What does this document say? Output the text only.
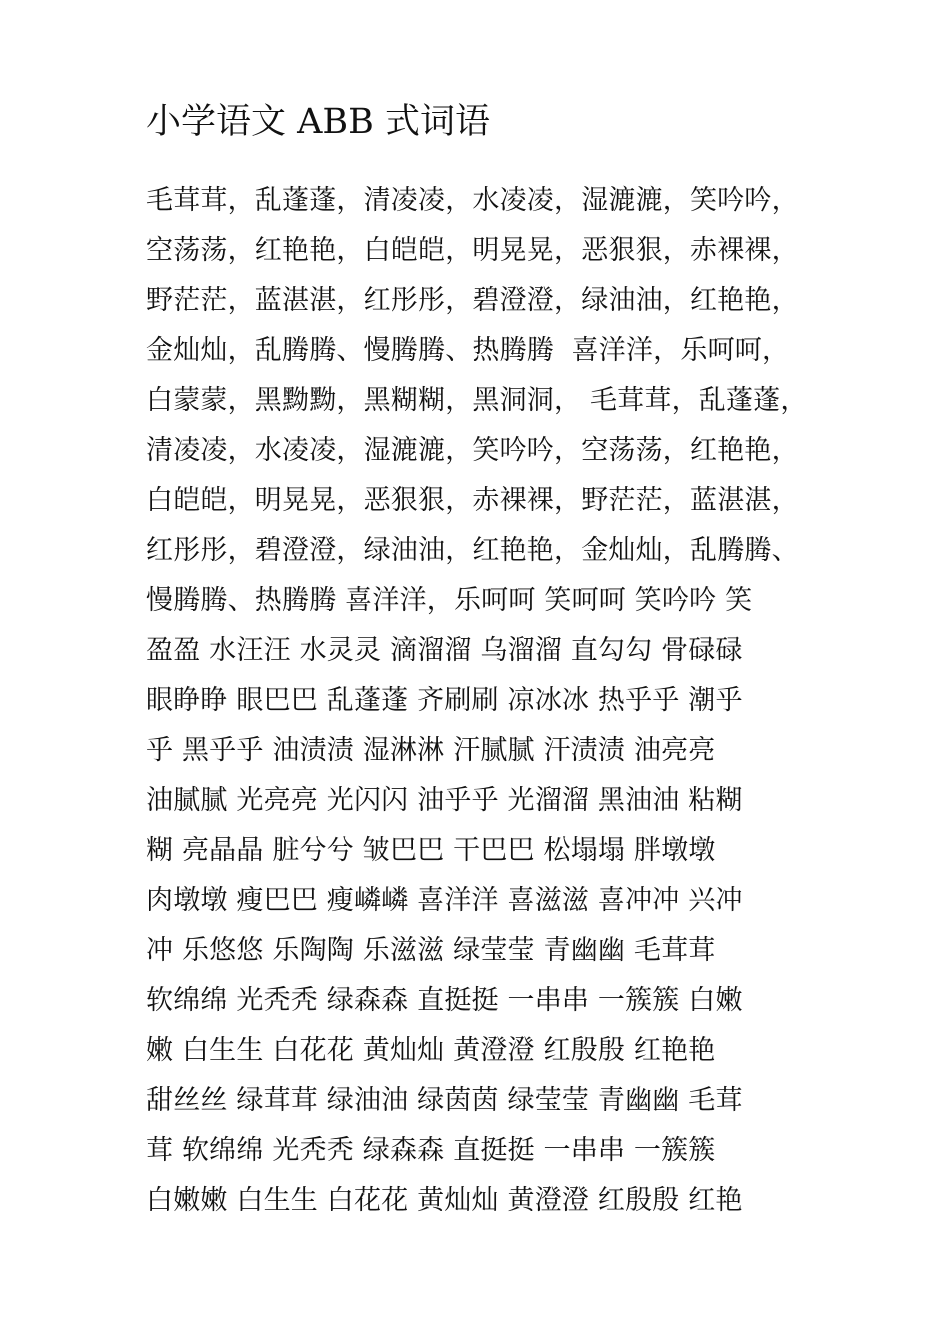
小学语文 ABB 式词语
毛茸茸，乱蓬蓬，清凌凌，水凌凌，湿漉漉，笑吟吟，
空荡荡，红艳艳，白皑皑，明晃晃，恶狠狠，赤裸裸，
野茫茫，蓝湛湛，红彤彤，碧澄澄，绿油油，红艳艳，
金灿灿，乱腾腾、慢腾腾、热腾腾  喜洋洋，乐呵呵，
白蒙蒙，黑黝黝，黑糊糊，黑洞洞， 毛茸茸，乱蓬蓬，
清凌凌，水凌凌，湿漉漉，笑吟吟，空荡荡，红艳艳，
白皑皑，明晃晃，恶狠狠，赤裸裸，野茫茫，蓝湛湛，
红彤彤，碧澄澄，绿油油，红艳艳，金灿灿，乱腾腾、
慢腾腾、热腾腾 喜洋洋，乐呵呵 笑呵呵 笑吟吟 笑
盈盈 水汪汪 水灵灵 滴溜溜 乌溜溜 直勾勾 骨碌碌
眼睁睁 眼巴巴 乱蓬蓬 齐刷刷 凉冰冰 热乎乎 潮乎
乎 黑乎乎 油渍渍 湿淋淋 汗腻腻 汗渍渍 油亮亮
油腻腻 光亮亮 光闪闪 油乎乎 光溜溜 黑油油 粘糊
糊 亮晶晶 脏兮兮 皱巴巴 干巴巴 松塌塌 胖墩墩
肉墩墩 瘦巴巴 瘦嶙嶙 喜洋洋 喜滋滋 喜冲冲 兴冲
冲 乐悠悠 乐陶陶 乐滋滋 绿莹莹 青幽幽 毛茸茸
软绵绵 光秃秃 绿森森 直挺挺 一串串 一簇簇 白嫩
嫩 白生生 白花花 黄灿灿 黄澄澄 红殷殷 红艳艳
甜丝丝 绿茸茸 绿油油 绿茵茵 绿莹莹 青幽幽 毛茸
茸 软绵绵 光秃秃 绿森森 直挺挺 一串串 一簇簇
白嫩嫩 白生生 白花花 黄灿灿 黄澄澄 红殷殷 红艳
